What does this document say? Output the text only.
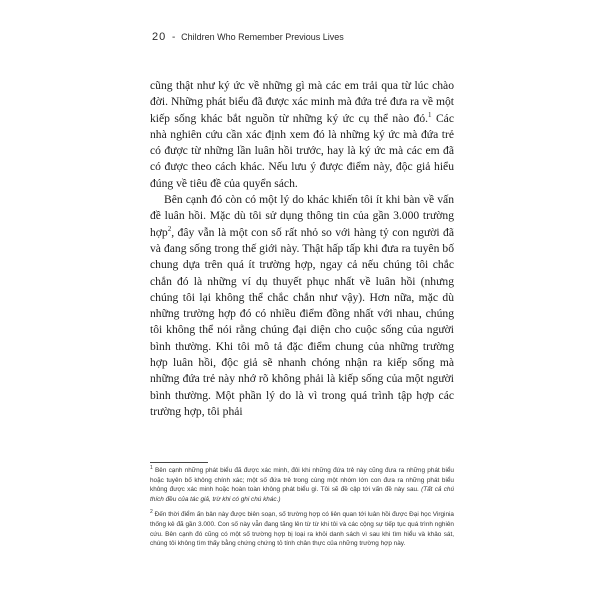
20 - Children Who Remember Previous Lives

cũng thật như ký ức về những gì mà các em trải qua từ lúc chào đời. Những phát biểu đã được xác minh mà đứa trẻ đưa ra về một kiếp sống khác bắt nguồn từ những ký ức cụ thể nào đó.$^1$ Các nhà nghiên cứu cần xác định xem đó là những ký ức mà đứa trẻ có được từ những lần luân hồi trước, hay là ký ức mà các em đã có được theo cách khác. Nếu lưu ý được điểm này, độc giả hiểu đúng về tiêu đề của quyển sách.

Bên cạnh đó còn có một lý do khác khiến tôi ít khi bàn về vấn đề luân hồi. Mặc dù tôi sử dụng thông tin của gần 3.000 trường hợp$^2$, đây vẫn là một con số rất nhỏ so với hàng tỷ con người đã và đang sống trong thế giới này. Thật hấp tấp khi đưa ra tuyên bố chung dựa trên quá ít trường hợp, ngay cả nếu chúng tôi chắc chắn đó là những ví dụ thuyết phục nhất về luân hồi (nhưng chúng tôi lại không thể chắc chắn như vậy). Hơn nữa, mặc dù những trường hợp đó có nhiều điểm đồng nhất với nhau, chúng tôi không thể nói rằng chúng đại diện cho cuộc sống của người bình thường. Khi tôi mô tả đặc điểm chung của những trường hợp luân hồi, độc giả sẽ nhanh chóng nhận ra kiếp sống mà những đứa trẻ này nhớ rõ không phải là kiếp sống của một người bình thường. Một phần lý do là vì trong quá trình tập hợp các trường hợp, tôi phải

$^1$ Bên cạnh những phát biểu đã được xác minh, đôi khi những đứa trẻ này cũng đưa ra những phát biểu hoặc tuyên bố không chính xác; một số đứa trẻ trong cùng một nhóm lớn con đưa ra những phát biểu không được xác minh hoặc hoàn toàn không phát biểu gì. Tôi sẽ đề cập tới vấn đề này sau. (Tất cả chú thích đều của tác giả, trừ khi có ghi chú khác.)

$^2$ Đến thời điểm ấn bản này được biên soạn, số trường hợp có liên quan tới luân hồi được Đại học Virginia thống kê đã gần 3.000. Con số này vẫn đang tăng lên từ từ khi tôi và các cộng sự tiếp tục quá trình nghiên cứu. Bên cạnh đó cũng có một số trường hợp bị loại ra khỏi danh sách vì sau khi tìm hiểu và khảo sát, chúng tôi không tìm thấy bằng chứng chứng tỏ tính chân thực của những trường hợp này.
